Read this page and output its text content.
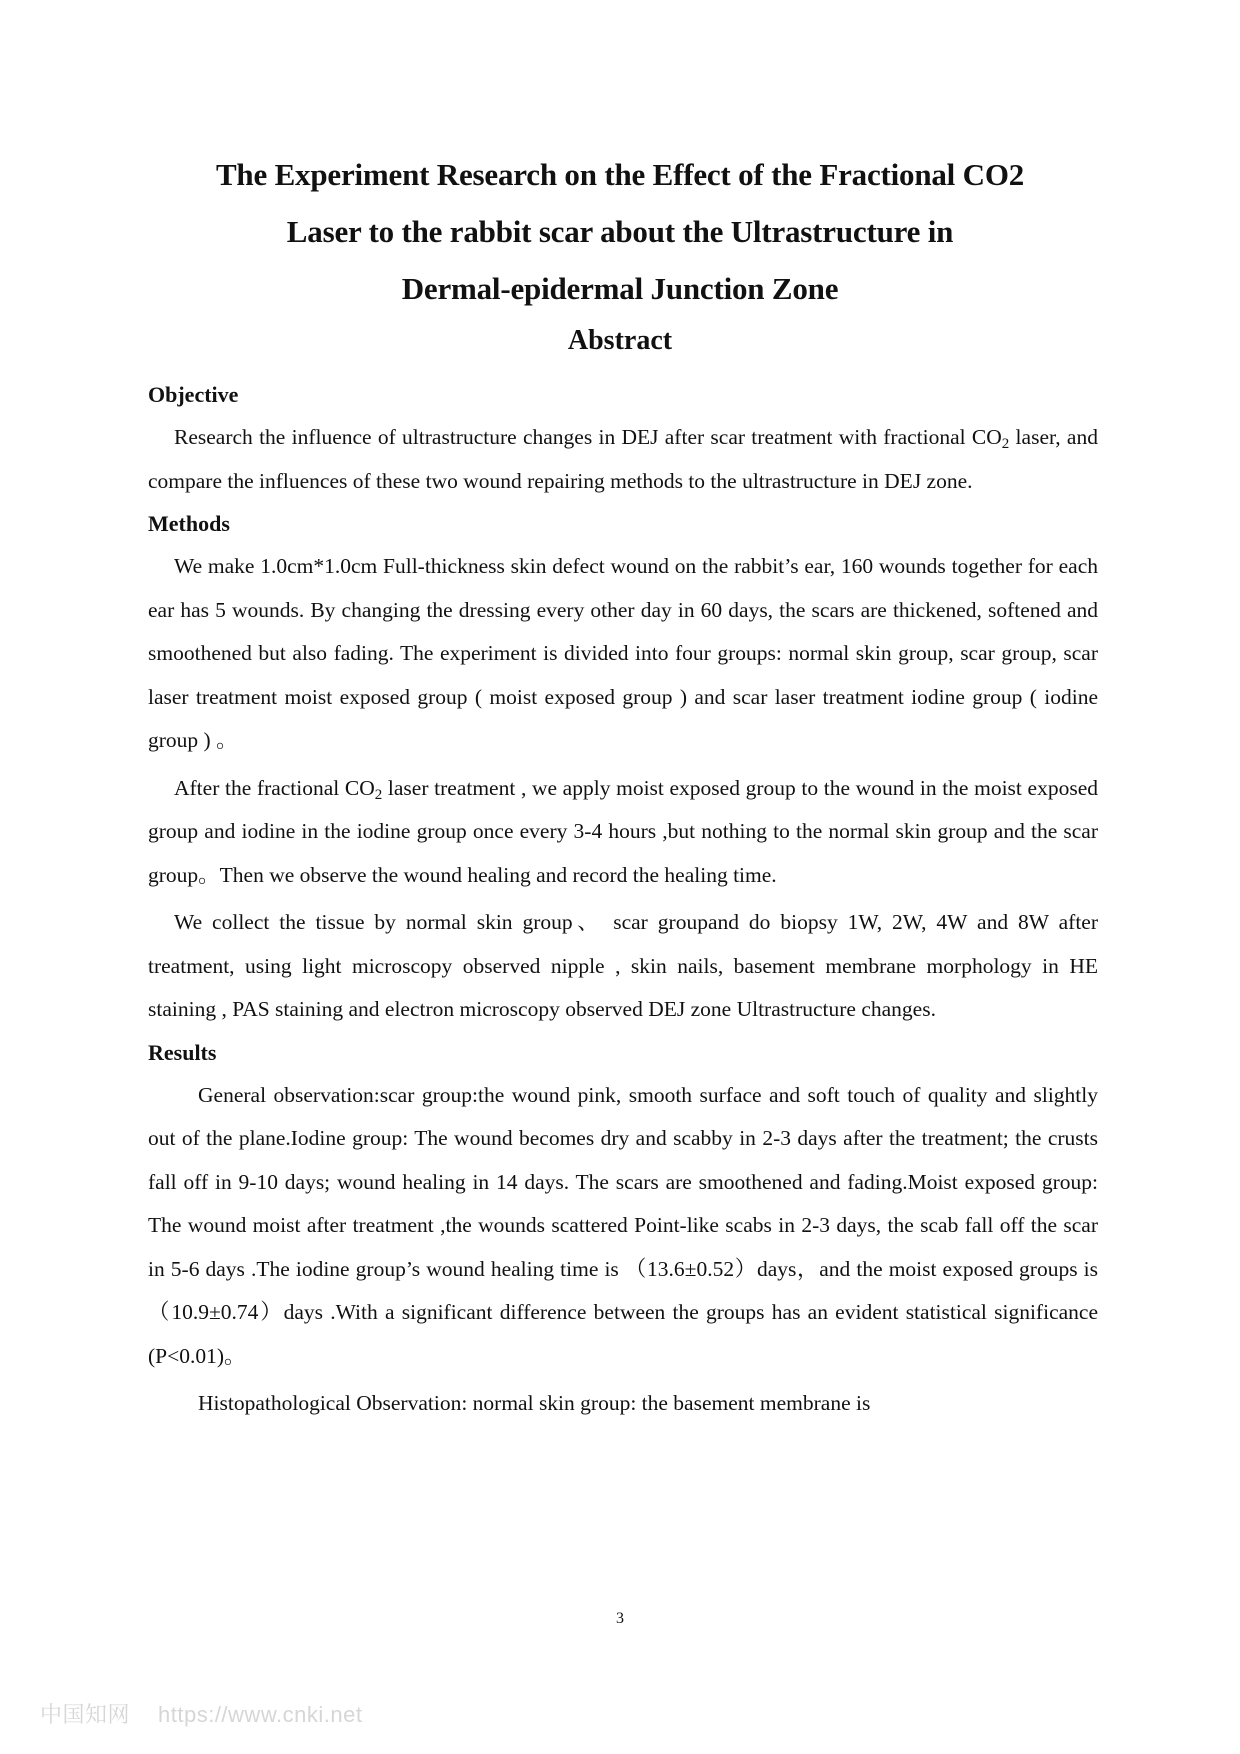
The Experiment Research on the Effect of the Fractional CO2
Laser to the rabbit scar about the Ultrastructure in
Dermal-epidermal Junction Zone
Abstract
Objective

Research the influence of ultrastructure changes in DEJ after scar treatment with fractional $CO_2$ laser, and compare the influences of these two wound repairing methods to the ultrastructure in DEJ zone.

Methods

We make 1.0cm*1.0cm Full-thickness skin defect wound on the rabbit’s ear, 160 wounds together for each ear has 5 wounds. By changing the dressing every other day in 60 days, the scars are thickened, softened and smoothened but also fading. The experiment is divided into four groups: normal skin group, scar group, scar laser treatment moist exposed group ( moist exposed group ) and scar laser treatment iodine group ( iodine group ) 。

After the fractional $CO_2$ laser treatment , we apply moist exposed group to the wound in the moist exposed group and iodine in the iodine group once every 3-4 hours ,but nothing to the normal skin group and the scar group。Then we observe the wound healing and record the healing time.

We collect the tissue by normal skin group、 scar groupand do biopsy 1W, 2W, 4W and 8W after treatment, using light microscopy observed nipple , skin nails, basement membrane morphology in HE staining , PAS staining and electron microscopy observed DEJ zone Ultrastructure changes.

Results

General observation:scar group:the wound pink, smooth surface and soft touch of quality and slightly out of the plane.Iodine group: The wound becomes dry and scabby in 2-3 days after the treatment; the crusts fall off in 9-10 days; wound healing in 14 days. The scars are smoothened and fading.Moist exposed group: The wound moist after treatment ,the wounds scattered Point-like scabs in 2-3 days, the scab fall off the scar in 5-6 days .The iodine group’s wound healing time is （13.6±0.52）days，and the moist exposed groups is （10.9±0.74）days .With a significant difference between the groups has an evident statistical significance (P<0.01)。

Histopathological Observation: normal skin group: the basement membrane is

3
中国知网 https://www.cnki.net
